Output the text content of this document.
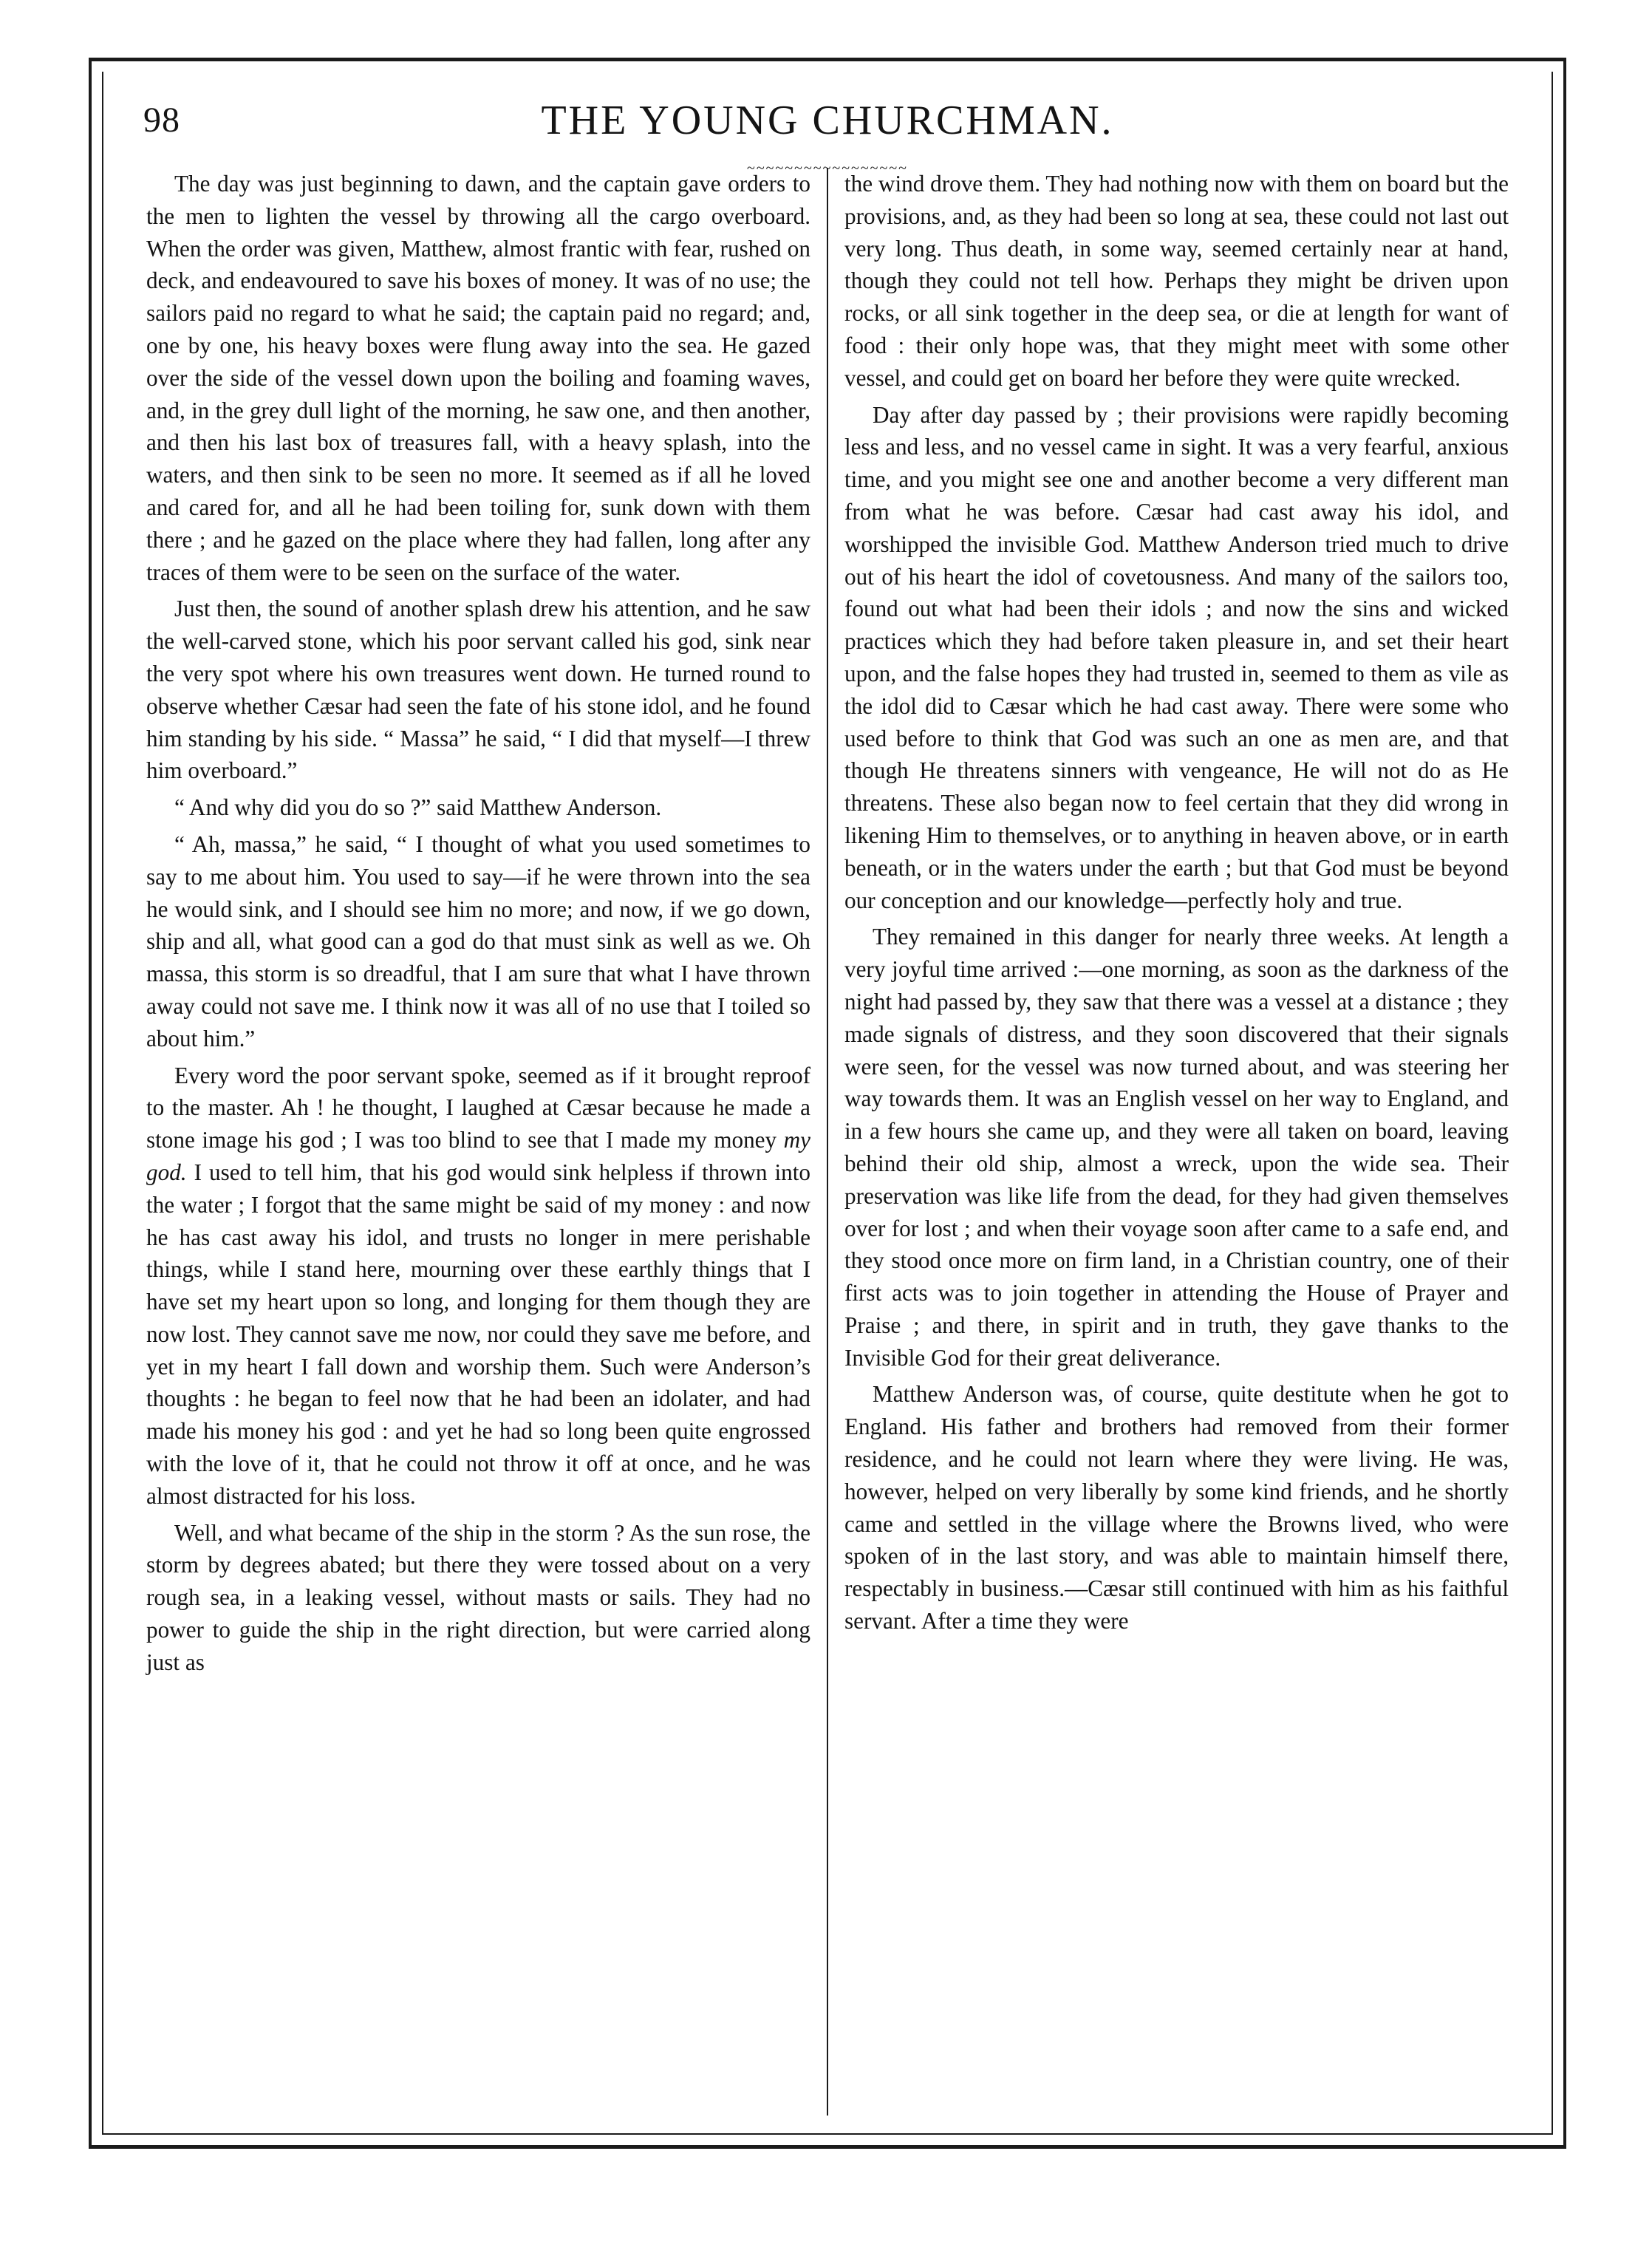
98	THE YOUNG CHURCHMAN.
~~~~~~~~~~~~~~~~~

The day was just beginning to dawn, and the captain gave orders to the men to lighten the vessel by throwing all the cargo overboard. When the order was given, Matthew, almost frantic with fear, rushed on deck, and endeavoured to save his boxes of money. It was of no use; the sailors paid no regard to what he said; the captain paid no regard; and, one by one, his heavy boxes were flung away into the sea. He gazed over the side of the vessel down upon the boiling and foaming waves, and, in the grey dull light of the morning, he saw one, and then another, and then his last box of treasures fall, with a heavy splash, into the waters, and then sink to be seen no more. It seemed as if all he loved and cared for, and all he had been toiling for, sunk down with them there ; and he gazed on the place where they had fallen, long after any traces of them were to be seen on the surface of the water.

Just then, the sound of another splash drew his attention, and he saw the well-carved stone, which his poor servant called his god, sink near the very spot where his own treasures went down. He turned round to observe whether Cæsar had seen the fate of his stone idol, and he found him standing by his side. “ Massa” he said, “ I did that myself—I threw him overboard.”

“ And why did you do so ?” said Matthew Anderson.

“ Ah, massa,” he said, “ I thought of what you used sometimes to say to me about him. You used to say—if he were thrown into the sea he would sink, and I should see him no more; and now, if we go down, ship and all, what good can a god do that must sink as well as we. Oh massa, this storm is so dreadful, that I am sure that what I have thrown away could not save me. I think now it was all of no use that I toiled so about him.”

Every word the poor servant spoke, seemed as if it brought reproof to the master. Ah ! he thought, I laughed at Cæsar because he made a stone image his god ; I was too blind to see that I made my money my god. I used to tell him, that his god would sink helpless if thrown into the water ; I forgot that the same might be said of my money : and now he has cast away his idol, and trusts no longer in mere perishable things, while I stand here, mourning over these earthly things that I have set my heart upon so long, and longing for them though they are now lost. They cannot save me now, nor could they save me before, and yet in my heart I fall down and worship them. Such were Anderson’s thoughts : he began to feel now that he had been an idolater, and had made his money his god : and yet he had so long been quite engrossed with the love of it, that he could not throw it off at once, and he was almost distracted for his loss.

Well, and what became of the ship in the storm ? As the sun rose, the storm by degrees abated; but there they were tossed about on a very rough sea, in a leaking vessel, without masts or sails. They had no power to guide the ship in the right direction, but were carried along just as

the wind drove them. They had nothing now with them on board but the provisions, and, as they had been so long at sea, these could not last out very long. Thus death, in some way, seemed certainly near at hand, though they could not tell how. Perhaps they might be driven upon rocks, or all sink together in the deep sea, or die at length for want of food : their only hope was, that they might meet with some other vessel, and could get on board her before they were quite wrecked.

Day after day passed by ; their provisions were rapidly becoming less and less, and no vessel came in sight. It was a very fearful, anxious time, and you might see one and another become a very different man from what he was before. Cæsar had cast away his idol, and worshipped the invisible God. Matthew Anderson tried much to drive out of his heart the idol of covetousness. And many of the sailors too, found out what had been their idols ; and now the sins and wicked practices which they had before taken pleasure in, and set their heart upon, and the false hopes they had trusted in, seemed to them as vile as the idol did to Cæsar which he had cast away. There were some who used before to think that God was such an one as men are, and that though He threatens sinners with vengeance, He will not do as He threatens. These also began now to feel certain that they did wrong in likening Him to themselves, or to anything in heaven above, or in earth beneath, or in the waters under the earth ; but that God must be beyond our conception and our knowledge—perfectly holy and true.

They remained in this danger for nearly three weeks. At length a very joyful time arrived :—one morning, as soon as the darkness of the night had passed by, they saw that there was a vessel at a distance ; they made signals of distress, and they soon discovered that their signals were seen, for the vessel was now turned about, and was steering her way towards them. It was an English vessel on her way to England, and in a few hours she came up, and they were all taken on board, leaving behind their old ship, almost a wreck, upon the wide sea. Their preservation was like life from the dead, for they had given themselves over for lost ; and when their voyage soon after came to a safe end, and they stood once more on firm land, in a Christian country, one of their first acts was to join together in attending the House of Prayer and Praise ; and there, in spirit and in truth, they gave thanks to the Invisible God for their great deliverance.

Matthew Anderson was, of course, quite destitute when he got to England. His father and brothers had removed from their former residence, and he could not learn where they were living. He was, however, helped on very liberally by some kind friends, and he shortly came and settled in the village where the Browns lived, who were spoken of in the last story, and was able to maintain himself there, respectably in business.—Cæsar still continued with him as his faithful servant. After a time they were
